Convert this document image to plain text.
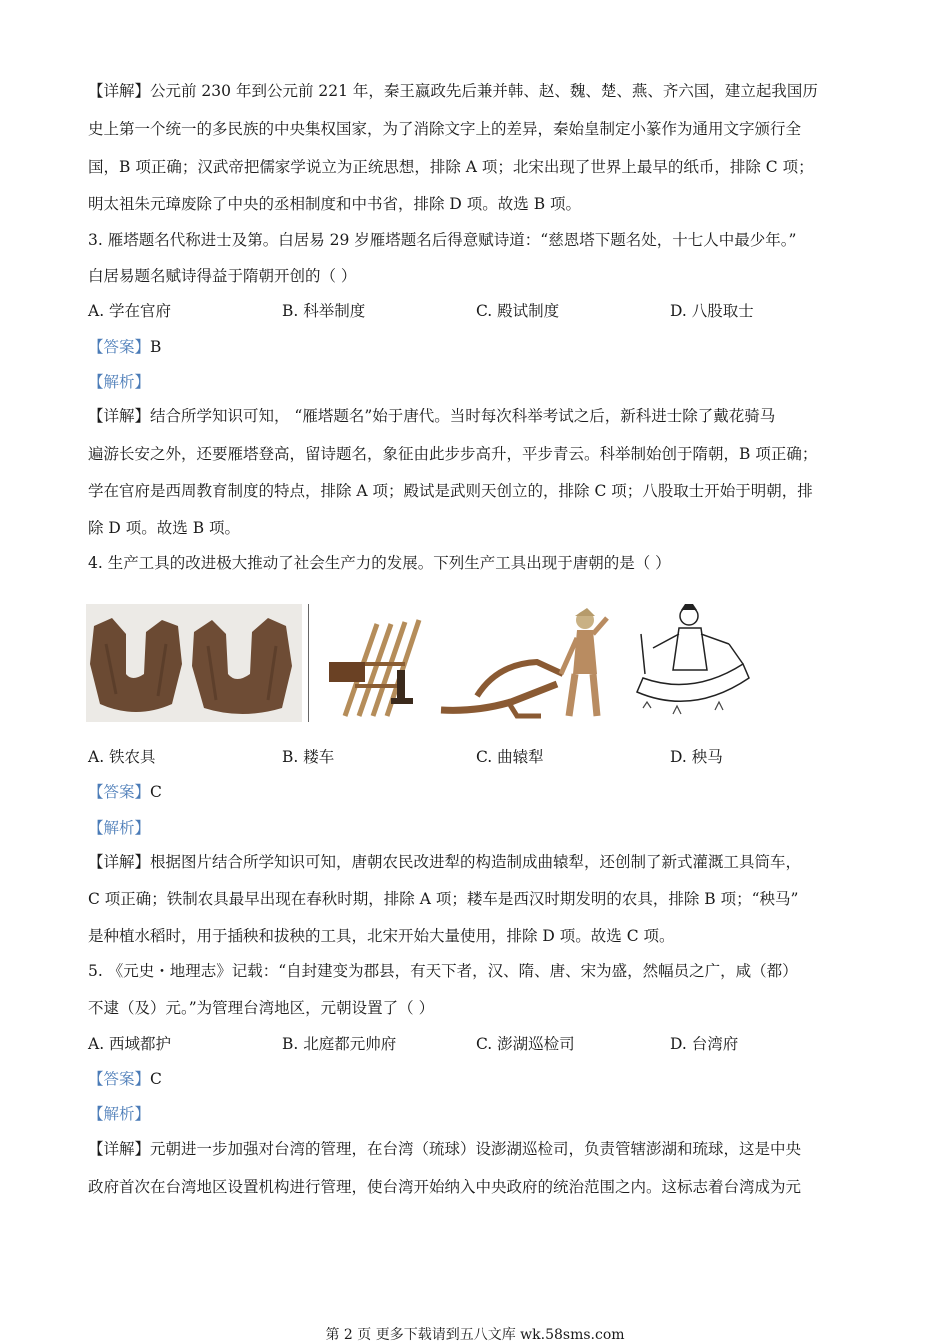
【详解】公元前 230 年到公元前 221 年，秦王嬴政先后兼并韩、赵、魏、楚、燕、齐六国，建立起我国历
史上第一个统一的多民族的中央集权国家，为了消除文字上的差异，秦始皇制定小篆作为通用文字颁行全
国，B 项正确；汉武帝把儒家学说立为正统思想，排除 A 项；北宋出现了世界上最早的纸币，排除 C 项；
明太祖朱元璋废除了中央的丞相制度和中书省，排除 D 项。故选 B 项。
3. 雁塔题名代称进士及第。白居易 29 岁雁塔题名后得意赋诗道：“慈恩塔下题名处，十七人中最少年。”
白居易题名赋诗得益于隋朝开创的（ ）
A. 学在官府	B. 科举制度	C. 殿试制度	D. 八股取士
【答案】B
【解析】
【详解】结合所学知识可知， “雁塔题名”始于唐代。当时每次科举考试之后，新科进士除了戴花骑马
遍游长安之外，还要雁塔登高，留诗题名，象征由此步步高升，平步青云。科举制始创于隋朝，B 项正确；
学在官府是西周教育制度的特点，排除 A 项；殿试是武则天创立的，排除 C 项；八股取士开始于明朝，排
除 D 项。故选 B 项。
4. 生产工具的改进极大推动了社会生产力的发展。下列生产工具出现于唐朝的是（ ）
A. 铁农具	B. 耧车	C. 曲辕犁	D. 秧马
【答案】C
【解析】
【详解】根据图片结合所学知识可知，唐朝农民改进犁的构造制成曲辕犁，还创制了新式灌溉工具筒车，
C 项正确；铁制农具最早出现在春秋时期，排除 A 项；耧车是西汉时期发明的农具，排除 B 项；“秧马”
是种植水稻时，用于插秧和拔秧的工具，北宋开始大量使用，排除 D 项。故选 C 项。
5. 《元史・地理志》记载：“自封建变为郡县，有天下者，汉、隋、唐、宋为盛，然幅员之广，咸（都）
不逮（及）元。”为管理台湾地区，元朝设置了（ ）
A. 西域都护	B. 北庭都元帅府	C. 澎湖巡检司	D. 台湾府
【答案】C
【解析】
【详解】元朝进一步加强对台湾的管理，在台湾（琉球）设澎湖巡检司，负责管辖澎湖和琉球，这是中央
政府首次在台湾地区设置机构进行管理，使台湾开始纳入中央政府的统治范围之内。这标志着台湾成为元
第 2 页 更多下载请到五八文库 wk.58sms.com
